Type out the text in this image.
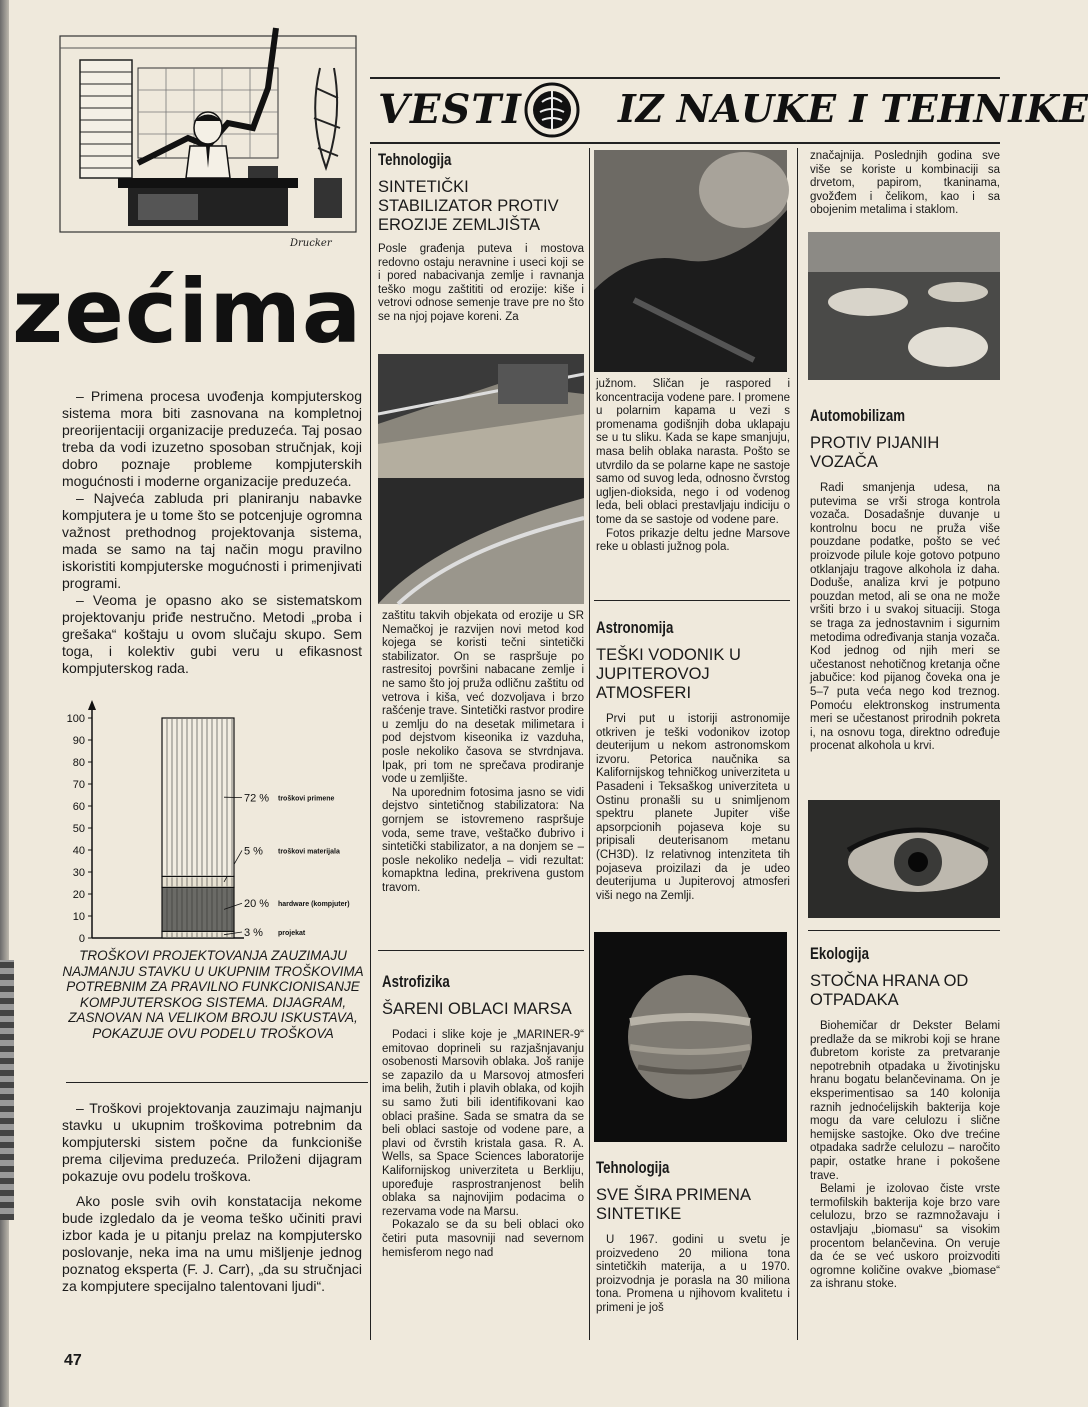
Drucker
zećima

– Primena procesa uvođenja kompjuterskog sistema mora biti zasnovana na kompletnoj preorijentaciji organizacije preduzeća. Taj posao treba da vodi izuzetno sposoban stručnjak, koji dobro poznaje probleme kompjuterskih mogućnosti i moderne organizacije preduzeća.

– Najveća zabluda pri planiranju nabavke kompjutera je u tome što se potcenjuje ogromna važnost prethodnog projektovanja sistema, mada se samo na taj način mogu pravilno iskoristiti kompjuterske mogućnosti i primenjivati programi.

– Veoma je opasno ako se sistematskom projektovanju priđe nestručno. Metodi „proba i grešaka“ koštaju u ovom slučaju skupo. Sem toga, i kolektiv gubi veru u efikasnost kompjuterskog rada.

0
10
20
30
40
50
60
70
80
90
100
3 % projekat
20 % hardware (kompjuter)
5 % troškovi materijala
72 % troškovi primene
TROŠKOVI PROJEKTOVANJA ZAUZIMAJU NAJMANJU STAVKU U UKUPNIM TROŠKOVIMA POTREBNIM ZA PRAVILNO FUNKCIONISANJE KOMPJUTERSKOG SISTEMA. DIJAGRAM, ZASNOVAN NA VELIKOM BROJU ISKUSTAVA, POKAZUJE OVU PODELU TROŠKOVA

– Troškovi projektovanja zauzimaju najmanju stavku u ukupnim troškovima potrebnim da kompjuterski sistem počne da funkcioniše prema ciljevima preduzeća. Priloženi dijagram pokazuje ovu podelu troškova.

Ako posle svih ovih konstatacija nekome bude izgledalo da je veoma teško učiniti pravi izbor kada je u pitanju prelaz na kompjutersko poslovanje, neka ima na umu mišljenje jednog poznatog eksperta (F. J. Carr), „da su stručnjaci za kompjutere specijalno talentovani ljudi“.

47
VESTI	IZ NAUKE I TEHNIKE
Tehnologija
SINTETIČKI STABILIZATOR PROTIV EROZIJE ZEMLJIŠTA

Posle građenja puteva i mostova redovno ostaju neravnine i useci koji se i pored nabacivanja zemlje i ravnanja teško mogu zaštititi od erozije: kiše i vetrovi odnose semenje trave pre no što se na njoj pojave koreni. Za

zaštitu takvih objekata od erozije u SR Nemačkoj je razvijen novi metod kod kojega se koristi tečni sintetički stabilizator. On se raspršuje po rastresitoj površini nabacane zemlje i ne samo što joj pruža odličnu zaštitu od vetrova i kiša, već dozvoljava i brzo rašćenje trave. Sintetički rastvor prodire u zemlju do na desetak milimetara i pod dejstvom kiseonika iz vazduha, posle nekoliko časova se stvrdnjava. Ipak, pri tom ne sprečava prodiranje vode u zemljište.

Na uporednim fotosima jasno se vidi dejstvo sintetičnog stabilizatora: Na gornjem se istovremeno raspršuje voda, seme trave, veštačko đubrivo i sintetički stabilizator, a na donjem se – posle nekoliko nedelja – vidi rezultat: komapktna ledina, prekrivena gustom travom.

Astrofizika
ŠARENI OBLACI MARSA

Podaci i slike koje je „MARINER-9“ emitovao doprineli su razjašnjavanju osobenosti Marsovih oblaka. Još ranije se zapazilo da u Marsovoj atmosferi ima belih, žutih i plavih oblaka, od kojih su samo žuti bili identifikovani kao oblaci prašine. Sada se smatra da se beli oblaci sastoje od vodene pare, a plavi od čvrstih kristala gasa. R. A. Wells, sa Space Sciences laboratorije Kalifornijskog univerziteta u Berkliju, upoređuje rasprostranjenost belih oblaka sa najnovijim podacima o rezervama vode na Marsu.

Pokazalo se da su beli oblaci oko četiri puta masovniji nad severnom hemisferom nego nad

južnom. Sličan je raspored i koncentracija vodene pare. I promene u polarnim kapama u vezi s promenama godišnjih doba uklapaju se u tu sliku. Kada se kape smanjuju, masa belih oblaka narasta. Pošto se utvrdilo da se polarne kape ne sastoje samo od suvog leda, odnosno čvrstog ugljen-dioksida, nego i od vodenog leda, beli oblaci prestavljaju indiciju o tome da se sastoje od vodene pare.

Fotos prikazje deltu jedne Marsove reke u oblasti južnog pola.

Astronomija
TEŠKI VODONIK U JUPITEROVOJ ATMOSFERI

Prvi put u istoriji astronomije otkriven je teški vodonikov izotop deuterijum u nekom astronomskom izvoru. Petorica naučnika sa Kalifornijskog tehničkog univerziteta u Pasadeni i Teksaškog univerziteta u Ostinu pronašli su u snimljenom spektru planete Jupiter više apsorpcionih pojaseva koje su pripisali deuterisanom metanu (CH3D). Iz relativnog intenziteta tih pojaseva proizilazi da je udeo deuterijuma u Jupiterovoj atmosferi viši nego na Zemlji.

Tehnologija
SVE ŠIRA PRIMENA SINTETIKE

U 1967. godini u svetu je proizvedeno 20 miliona tona sintetičkih materija, a u 1970. proizvodnja je porasla na 30 miliona tona. Promena u njihovom kvalitetu i primeni je još

značajnija. Poslednjih godina sve više se koriste u kombinaciji sa drvetom, papirom, tkaninama, gvožđem i čelikom, kao i sa obojenim metalima i staklom.

Automobilizam
PROTIV PIJANIH VOZAČA

Radi smanjenja udesa, na putevima se vrši stroga kontrola vozača. Dosadašnje duvanje u kontrolnu bocu ne pruža više pouzdane podatke, pošto se već proizvode pilule koje gotovo potpuno otklanjaju tragove alkohola iz daha. Doduše, analiza krvi je potpuno pouzdan metod, ali se ona ne može vršiti brzo i u svakoj situaciji. Stoga se traga za jednostavnim i sigurnim metodima određivanja stanja vozača. Kod jednog od njih meri se učestanost nehotičnog kretanja očne jabučice: kod pijanog čoveka ona je 5–7 puta veća nego kod treznog. Pomoću elektronskog instrumenta meri se učestanost prirodnih pokreta i, na osnovu toga, direktno određuje procenat alkohola u krvi.

Ekologija
STOČNA HRANA OD OTPADAKA

Biohemičar dr Dekster Belami predlaže da se mikrobi koji se hrane đubretom koriste za pretvaranje nepotrebnih otpadaka u životinjsku hranu bogatu belančevinama. On je eksperimentisao sa 140 kolonija raznih jednoćelijskih bakterija koje mogu da vare celulozu i slične hemijske sastojke. Oko dve trećine otpadaka sadrže celulozu – naročito papir, ostatke hrane i pokošene trave.

Belami je izolovao čiste vrste termofilskih bakterija koje brzo vare celulozu, brzo se razmnožavaju i ostavljaju „biomasu“ sa visokim procentom belančevina. On veruje da će se već uskoro proizvoditi ogromne količine ovakve „biomase“ za ishranu stoke.
